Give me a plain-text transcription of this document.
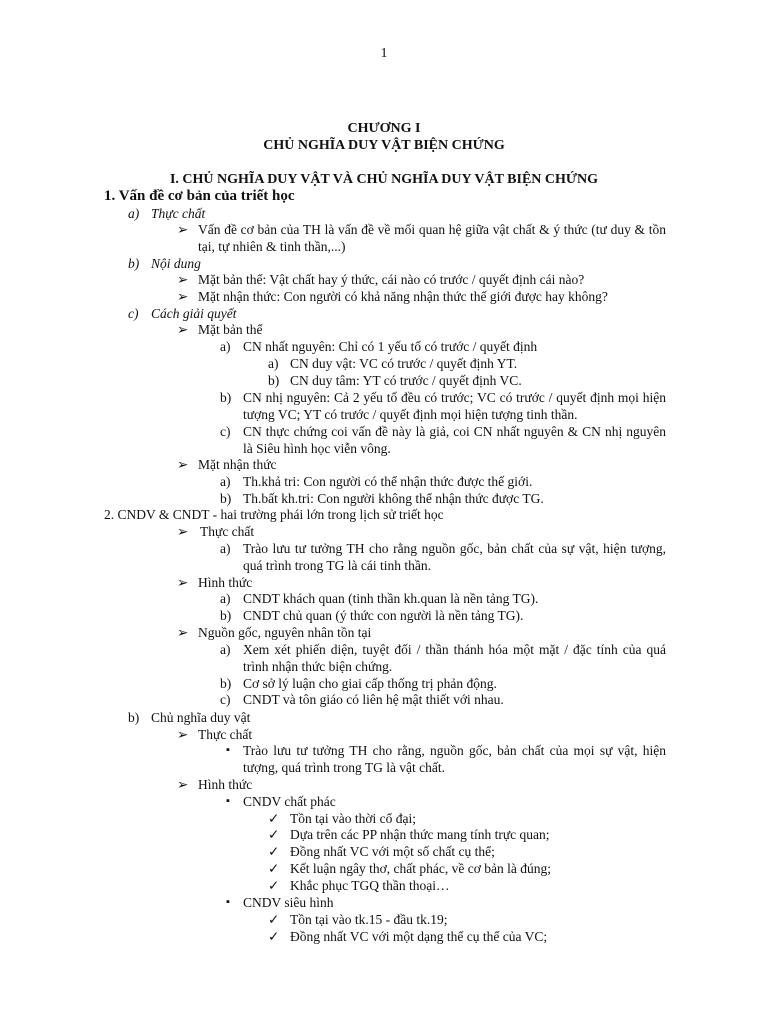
1
CHƯƠNG I
CHỦ NGHĨA DUY VẬT BIỆN CHỨNG
I. CHỦ NGHĨA DUY VẬT VÀ CHỦ NGHĨA DUY VẬT BIỆN CHỨNG
1. Vấn đề cơ bản của triết học
a) Thực chất
➢ Vấn đề cơ bản của TH là vấn đề về mối quan hệ giữa vật chất & ý thức (tư duy & tồn tại, tự nhiên & tinh thần,...)
b) Nội dung
➢ Mặt bản thể: Vật chất hay ý thức, cái nào có trước / quyết định cái nào?
➢ Mặt nhận thức: Con người có khả năng nhận thức thế giới được hay không?
c) Cách giải quyết
➢ Mặt bản thể
a) CN nhất nguyên: Chỉ có 1 yếu tố có trước / quyết định
a) CN duy vật: VC có trước / quyết định YT.
b) CN duy tâm: YT có trước / quyết định VC.
b) CN nhị nguyên: Cả 2 yếu tố đều có trước; VC có trước / quyết định mọi hiện tượng VC; YT có trước / quyết định mọi hiện tượng tinh thần.
c) CN thực chứng coi vấn đề này là giả, coi CN nhất nguyên & CN nhị nguyên là Siêu hình học viễn vông.
➢ Mặt nhận thức
a) Th.khả tri: Con người có thể nhận thức được thế giới.
b) Th.bất kh.tri: Con người không thể nhận thức được TG.
2. CNDV & CNDT - hai trường phái lớn trong lịch sử triết học
➢ Thực chất
a) Trào lưu tư tưởng TH cho rằng nguồn gốc, bản chất của sự vật, hiện tượng, quá trình trong TG là cái tinh thần.
➢ Hình thức
a) CNDT khách quan (tinh thần kh.quan là nền tảng TG).
b) CNDT chủ quan (ý thức con người là nền tảng TG).
➢ Nguồn gốc, nguyên nhân tồn tại
a) Xem xét phiến diện, tuyệt đối / thần thánh hóa một mặt / đặc tính của quá trình nhận thức biện chứng.
b) Cơ sở lý luận cho giai cấp thống trị phản động.
c) CNDT và tôn giáo có liên hệ mật thiết với nhau.
b) Chủ nghĩa duy vật
➢ Thực chất
▪ Trào lưu tư tưởng TH cho rằng, nguồn gốc, bản chất của mọi sự vật, hiện tượng, quá trình trong TG là vật chất.
➢ Hình thức
▪ CNDV chất phác
✓ Tồn tại vào thời cổ đại;
✓ Dựa trên các PP nhận thức mang tính trực quan;
✓ Đồng nhất VC với một số chất cụ thể;
✓ Kết luận ngây thơ, chất phác, về cơ bản là đúng;
✓ Khắc phục TGQ thần thoại…
▪ CNDV siêu hình
✓ Tồn tại vào tk.15 - đầu tk.19;
✓ Đồng nhất VC với một dạng thể cụ thể của VC;
